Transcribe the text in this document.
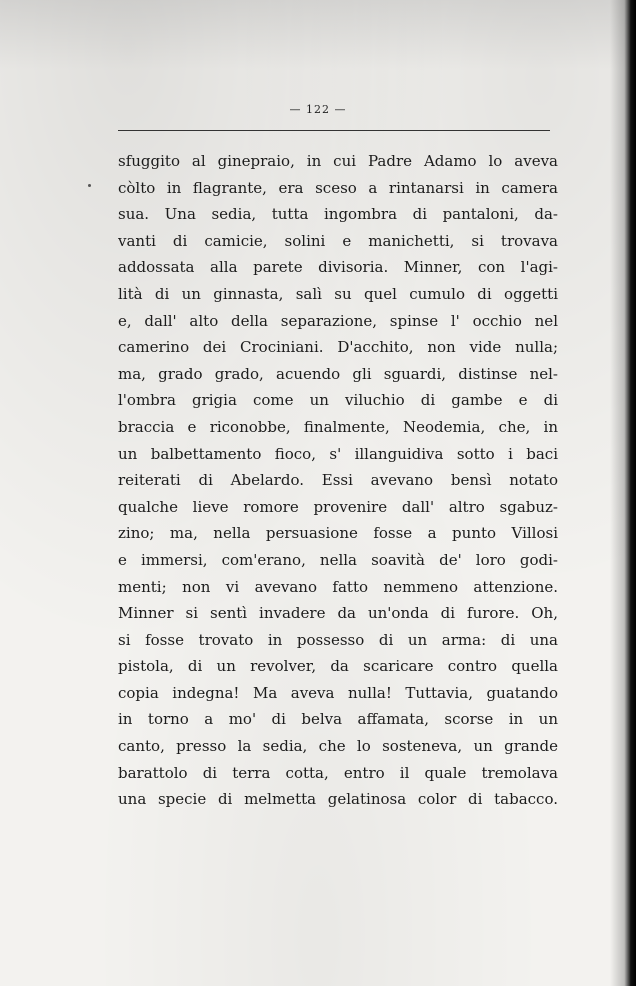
— 122 —
sfuggito al ginepraio, in cui Padre Adamo lo aveva
còlto in flagrante, era sceso a rintanarsi in camera
sua. Una sedia, tutta ingombra di pantaloni, da-
vanti di camicie, solini e manichetti, si trovava
addossata alla parete divisoria. Minner, con l'agi-
lità di un ginnasta, salì su quel cumulo di oggetti
e, dall' alto della separazione, spinse l' occhio nel
camerino dei Crociniani. D'acchito, non vide nulla;
ma, grado grado, acuendo gli sguardi, distinse nel-
l'ombra grigia come un viluchio di gambe e di
braccia e riconobbe, finalmente, Neodemia, che, in
un balbettamento fioco, s' illanguidiva sotto i baci
reiterati di Abelardo. Essi avevano bensì notato
qualche lieve romore provenire dall' altro sgabuz-
zino; ma, nella persuasione fosse a punto Villosi
e immersi, com'erano, nella soavità de' loro godi-
menti; non vi avevano fatto nemmeno attenzione.
Minner si sentì invadere da un'onda di furore. Oh,
si fosse trovato in possesso di un arma: di una
pistola, di un revolver, da scaricare contro quella
copia indegna! Ma aveva nulla! Tuttavia, guatando
in torno a mo' di belva affamata, scorse in un
canto, presso la sedia, che lo sosteneva, un grande
barattolo di terra cotta, entro il quale tremolava
una specie di melmetta gelatinosa color di tabacco.
